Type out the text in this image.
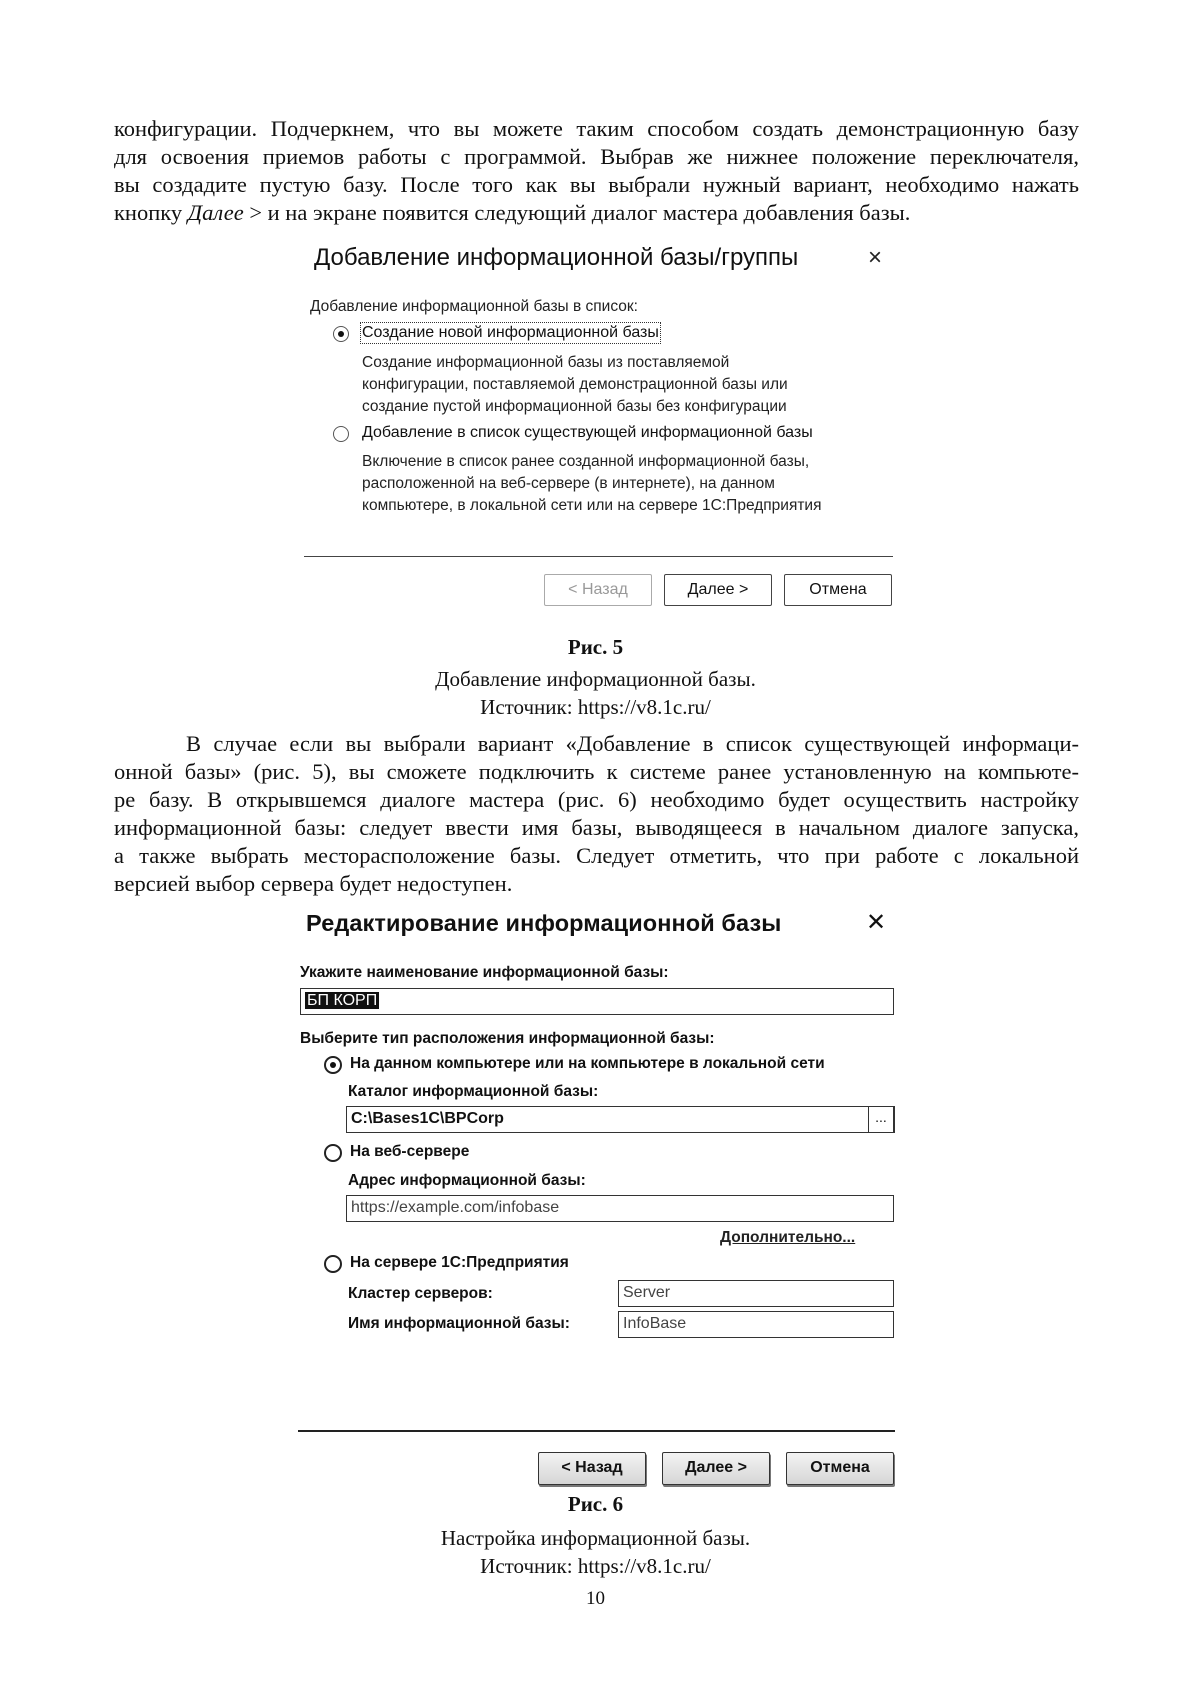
конфигурации. Подчеркнем, что вы можете таким способом создать демонстрационную базу
для освоения приемов работы с программой. Выбрав же нижнее положение переключателя,
вы создадите пустую базу. После того как вы выбрали нужный вариант, необходимо нажать
кнопку Далее > и на экране появится следующий диалог мастера добавления базы.
Добавление информационной базы/группы	×
Добавление информационной базы в список:
Создание новой информационной базы
Создание информационной базы из поставляемой
конфигурации, поставляемой демонстрационной базы или
создание пустой информационной базы без конфигурации
Добавление в список существующей информационной базы
Включение в список ранее созданной информационной базы,
расположенной на веб-сервере (в интернете), на данном
компьютере, в локальной сети или на сервере 1С:Предприятия
< Назад	Далее >	Отмена
Рис. 5
Добавление информационной базы.
Источник: https://v8.1c.ru/
В случае если вы выбрали вариант «Добавление в список существующей информаци-
онной базы» (рис. 5), вы сможете подключить к системе ранее установленную на компьюте-
ре базу. В открывшемся диалоге мастера (рис. 6) необходимо будет осуществить настройку
информационной базы: следует ввести имя базы, выводящееся в начальном диалоге запуска,
а также выбрать месторасположение базы. Следует отметить, что при работе с локальной
версией выбор сервера будет недоступен.
Редактирование информационной базы	✕
Укажите наименование информационной базы:
БП КОРП
Выберите тип расположения информационной базы:
На данном компьютере или на компьютере в локальной сети
Каталог информационной базы:
C:\Bases1C\BPCorp	...
На веб-сервере
Адрес информационной базы:
https://example.com/infobase
Дополнительно...
На сервере 1С:Предприятия
Кластер серверов:	Server
Имя информационной базы:	InfoBase
< Назад	Далее >	Отмена
Рис. 6
Настройка информационной базы.
Источник: https://v8.1c.ru/
10
